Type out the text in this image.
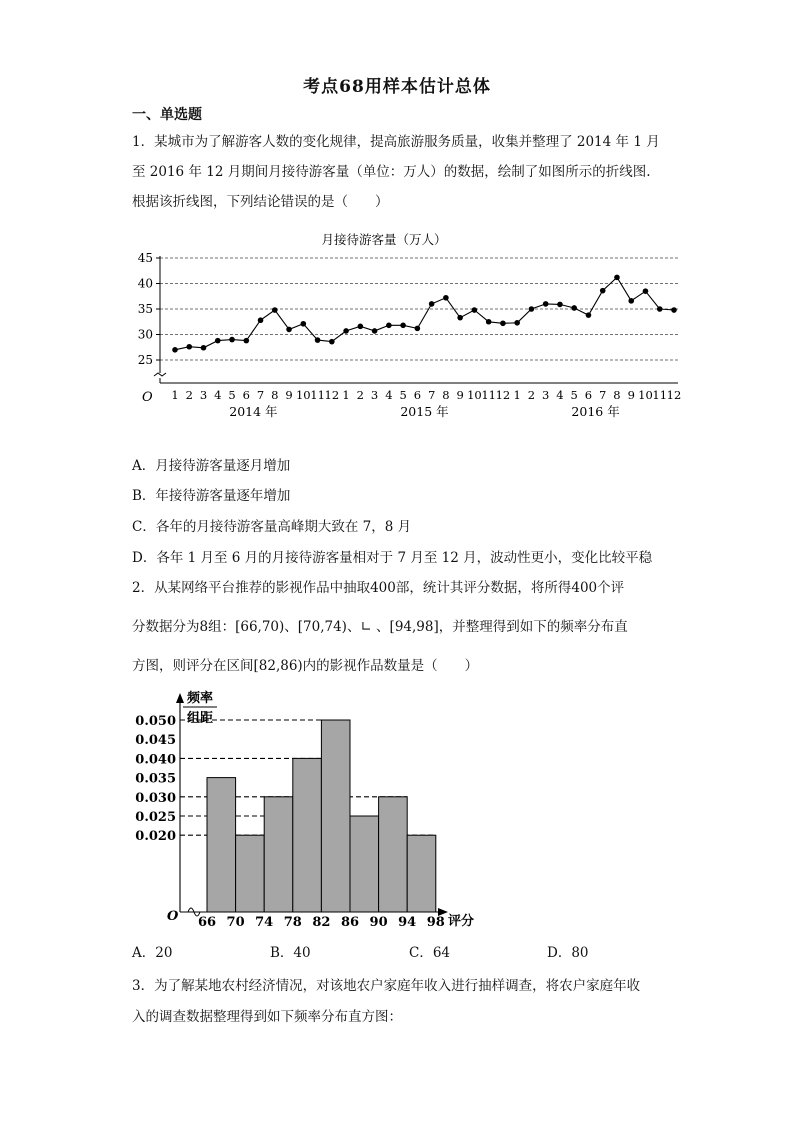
考点68用样本估计总体
一、单选题
1．某城市为了解游客人数的变化规律，提高旅游服务质量，收集并整理了 2014 年 1 月
至 2016 年 12 月期间月接待游客量（单位：万人）的数据，绘制了如图所示的折线图.
根据该折线图，下列结论错误的是（　　）
月接待游客量（万人）
25
30
35
40
45
1 2 3 4 5 6 7 8 9 10 11 12 1 2 3 4 5 6 7 8 9 10 11 12 1 2 3 4 5 6 7 8 9 10 11 12
2014 年	2015 年	2016 年
O
A．月接待游客量逐月增加
B．年接待游客量逐年增加
C．各年的月接待游客量高峰期大致在 7，8 月
D．各年 1 月至 6 月的月接待游客量相对于 7 月至 12 月，波动性更小，变化比较平稳
2．从某网络平台推荐的影视作品中抽取400部，统计其评分数据，将所得400个评
分数据分为8组：[66,70)、[70,74)、∟ 、[94,98]，并整理得到如下的频率分布直
方图，则评分在区间[82,86)内的影视作品数量是（　　）
频率
组距
0.050
0.045
0.040
0.035
0.030
0.025
0.020
66 70 74 78 82 86 90 94 98 评分
O
A．20	B．40	C．64	D．80
3．为了解某地农村经济情况，对该地农户家庭年收入进行抽样调查，将农户家庭年收
入的调查数据整理得到如下频率分布直方图：
